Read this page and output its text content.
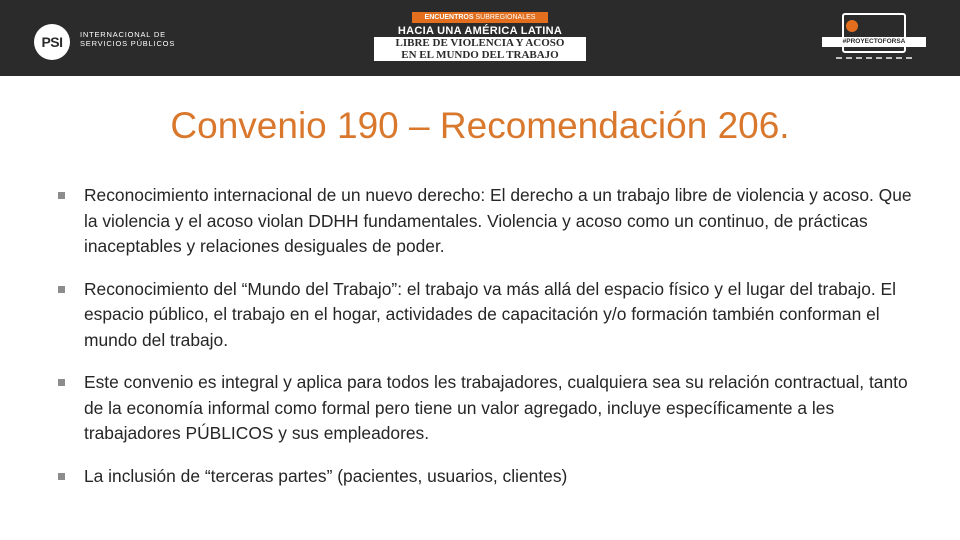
PSI	INTERNACIONAL DE
SERVICIOS PÚBLICOS
ENCUENTROS SUBREGIONALES
HACIA UNA AMÉRICA LATINA
LIBRE DE VIOLENCIA Y ACOSO
EN EL MUNDO DEL TRABAJO
#PROYECTOFORSA
Convenio 190 – Recomendación 206.
Reconocimiento internacional de un nuevo derecho: El derecho a un trabajo libre de violencia y acoso. Que la violencia y el acoso violan DDHH fundamentales. Violencia y acoso como un continuo, de prácticas inaceptables y relaciones desiguales de poder.
Reconocimiento del “Mundo del Trabajo”: el trabajo va más allá del espacio físico y el lugar del trabajo. El espacio público, el trabajo en el hogar, actividades de capacitación y/o formación también conforman el mundo del trabajo.
Este convenio es integral y aplica para todos les trabajadores, cualquiera sea su relación contractual, tanto de la economía informal como formal pero tiene un valor agregado, incluye específicamente a les trabajadores PÚBLICOS y sus empleadores.
La inclusión de “terceras partes” (pacientes, usuarios, clientes)
